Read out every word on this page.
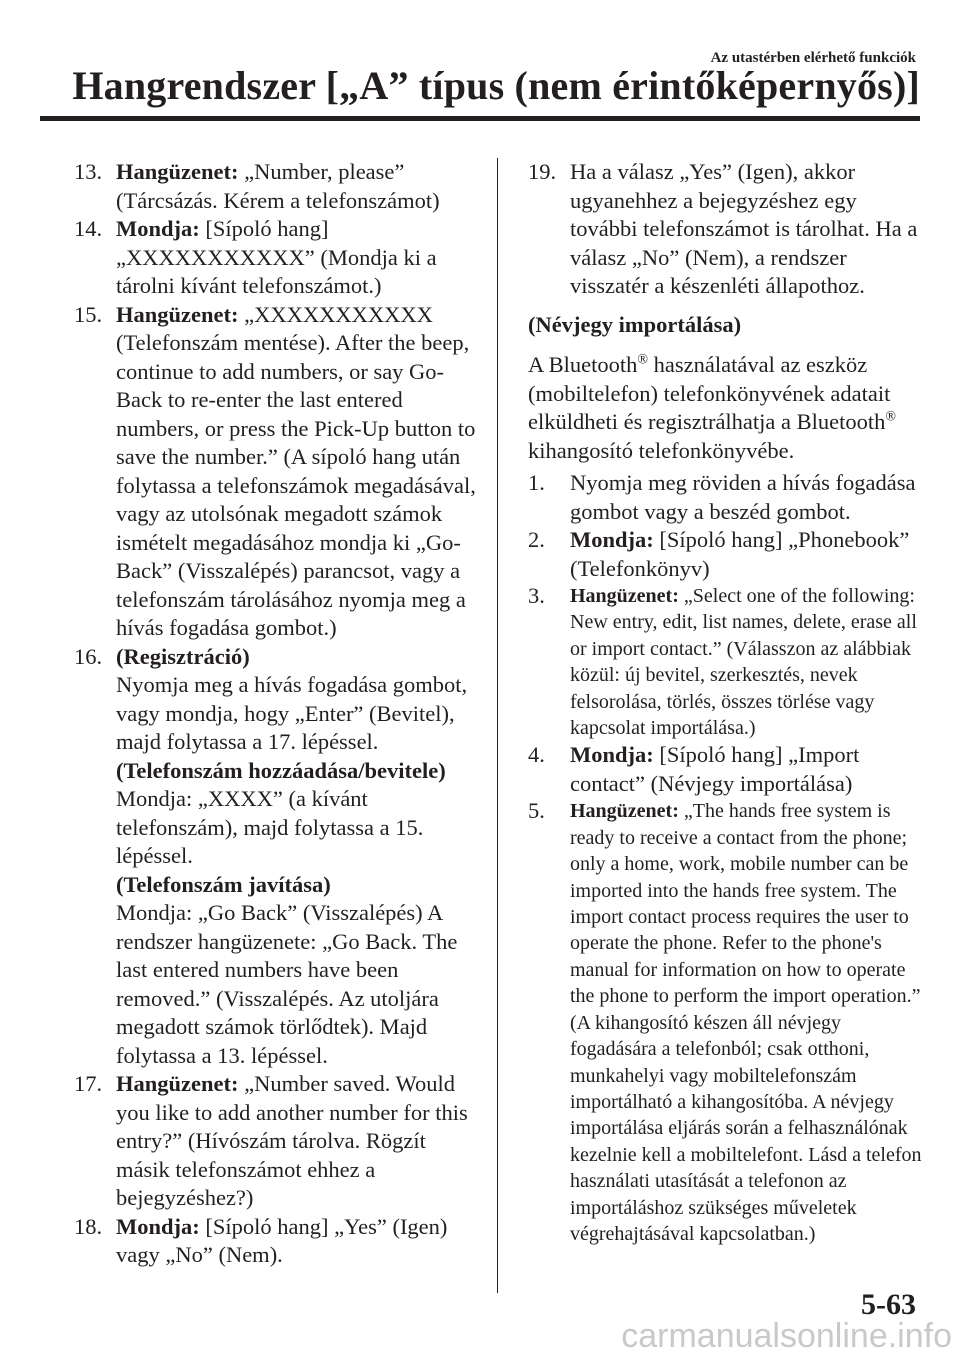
Az utastérben elérhető funkciók
Hangrendszer [„A” típus (nem érintőképernyős)]

13. Hangüzenet: „Number, please” (Tárcsázás. Kérem a telefonszámot)

14. Mondja: [Sípoló hang] „XXXXXXXXXXX” (Mondja ki a tárolni kívánt telefonszámot.)

15. Hangüzenet: „XXXXXXXXXXX (Telefonszám mentése). After the beep, continue to add numbers, or say Go-Back to re-enter the last entered numbers, or press the Pick-Up button to save the number.” (A sípoló hang után folytassa a telefonszámok megadásával, vagy az utolsónak megadott számok ismételt megadásához mondja ki „Go-Back” (Visszalépés) parancsot, vagy a telefonszám tárolásához nyomja meg a hívás fogadása gombot.)

16. (Regisztráció)
Nyomja meg a hívás fogadása gombot, vagy mondja, hogy „Enter” (Bevitel), majd folytassa a 17. lépéssel.
(Telefonszám hozzáadása/bevitele)
Mondja: „XXXX” (a kívánt telefonszám), majd folytassa a 15. lépéssel.
(Telefonszám javítása)
Mondja: „Go Back” (Visszalépés) A rendszer hangüzenete: „Go Back. The last entered numbers have been removed.” (Visszalépés. Az utoljára megadott számok törlődtek). Majd folytassa a 13. lépéssel.

17. Hangüzenet: „Number saved. Would you like to add another number for this entry?” (Hívószám tárolva. Rögzít másik telefonszámot ehhez a bejegyzéshez?)

18. Mondja: [Sípoló hang] „Yes” (Igen) vagy „No” (Nem).

19. Ha a válasz „Yes” (Igen), akkor ugyanehhez a bejegyzéshez egy további telefonszámot is tárolhat. Ha a válasz „No” (Nem), a rendszer visszatér a készenléti állapothoz.

(Névjegy importálása)

A Bluetooth® használatával az eszköz (mobiltelefon) telefonkönyvének adatait elküldheti és regisztrálhatja a Bluetooth® kihangosító telefonkönyvébe.

1. Nyomja meg röviden a hívás fogadása gombot vagy a beszéd gombot.

2. Mondja: [Sípoló hang] „Phonebook” (Telefonkönyv)

3. Hangüzenet: „Select one of the following: New entry, edit, list names, delete, erase all or import contact.” (Válasszon az alábbiak közül: új bevitel, szerkesztés, nevek felsorolása, törlés, összes törlése vagy kapcsolat importálása.)

4. Mondja: [Sípoló hang] „Import contact” (Névjegy importálása)

5. Hangüzenet: „The hands free system is ready to receive a contact from the phone; only a home, work, mobile number can be imported into the hands free system. The import contact process requires the user to operate the phone. Refer to the phone's manual for information on how to operate the phone to perform the import operation.” (A kihangosító készen áll névjegy fogadására a telefonból; csak otthoni, munkahelyi vagy mobiltelefonszám importálható a kihangosítóba. A névjegy importálása eljárás során a felhasználónak kezelnie kell a mobiltelefont. Lásd a telefon használati utasítását a telefonon az importáláshoz szükséges műveletek végrehajtásával kapcsolatban.)

5-63
carmanualsonline.info
